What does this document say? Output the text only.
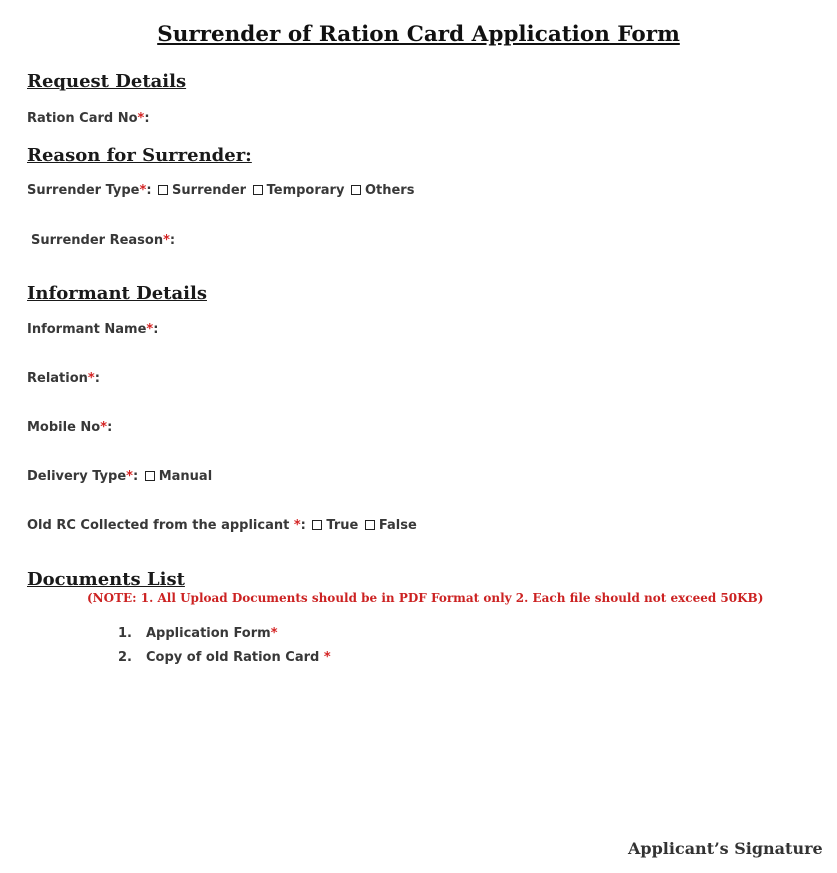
Surrender of Ration Card Application Form
Request Details
Ration Card No*:
Reason for Surrender:
Surrender Type*: Surrender Temporary Others
Surrender Reason*:
Informant Details
Informant Name*:
Relation*:
Mobile No*:
Delivery Type*: Manual
Old RC Collected from the applicant *: True False
Documents List
(NOTE: 1. All Upload Documents should be in PDF Format only 2. Each file should not exceed 50KB)
1. Application Form*
2. Copy of old Ration Card *
Applicant’s Signature
